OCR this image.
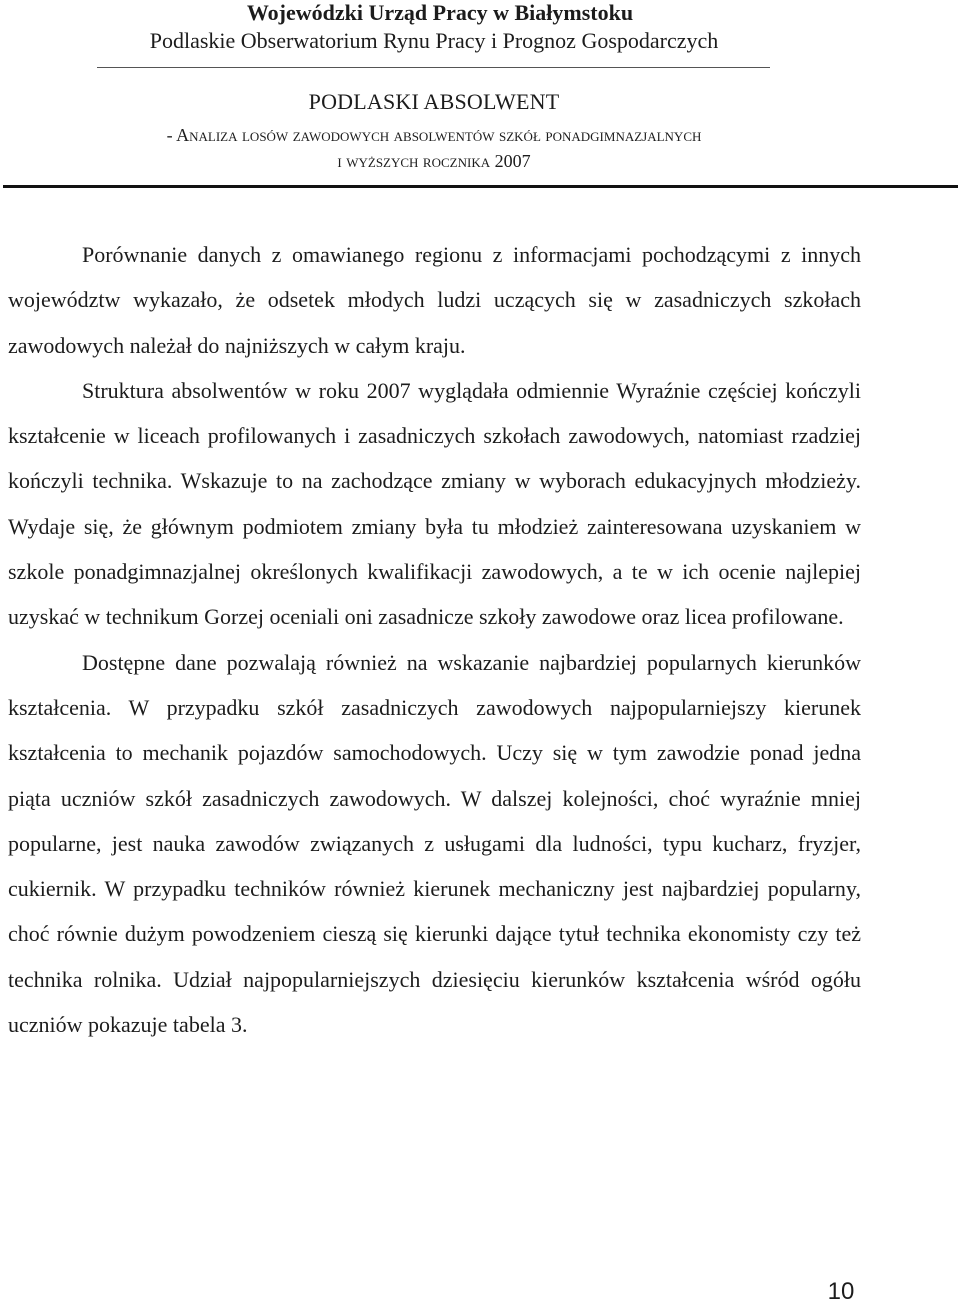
Wojewódzki Urząd Pracy w Białymstoku
Podlaskie Obserwatorium Rynu Pracy i Prognoz Gospodarczych
PODLASKI ABSOLWENT
- Analiza losów zawodowych absolwentów szkół ponadgimnazjalnych
i wyższych rocznika 2007

Porównanie danych z omawianego regionu z informacjami pochodzącymi z innych województw wykazało, że odsetek młodych ludzi uczących się w zasadniczych szkołach zawodowych należał do najniższych w całym kraju.

Struktura absolwentów w roku 2007 wyglądała odmiennie Wyraźnie częściej kończyli kształcenie w liceach profilowanych i zasadniczych szkołach zawodowych, natomiast rzadziej kończyli technika. Wskazuje to na zachodzące zmiany w wyborach edukacyjnych młodzieży. Wydaje się, że głównym podmiotem zmiany była tu młodzież zainteresowana uzyskaniem w szkole ponadgimnazjalnej określonych kwalifikacji zawodowych, a te w ich ocenie najlepiej uzyskać w technikum Gorzej oceniali oni zasadnicze szkoły zawodowe oraz licea profilowane.

Dostępne dane pozwalają również na wskazanie najbardziej popularnych kierunków kształcenia. W przypadku szkół zasadniczych zawodowych najpopularniejszy kierunek kształcenia to mechanik pojazdów samochodowych. Uczy się w tym zawodzie ponad jedna piąta uczniów szkół zasadniczych zawodowych. W dalszej kolejności, choć wyraźnie mniej popularne, jest nauka zawodów związanych z usługami dla ludności, typu kucharz, fryzjer, cukiernik. W przypadku techników również kierunek mechaniczny jest najbardziej popularny, choć równie dużym powodzeniem cieszą się kierunki dające tytuł technika ekonomisty czy też technika rolnika. Udział najpopularniejszych dziesięciu kierunków kształcenia wśród ogółu uczniów pokazuje tabela 3.

10
